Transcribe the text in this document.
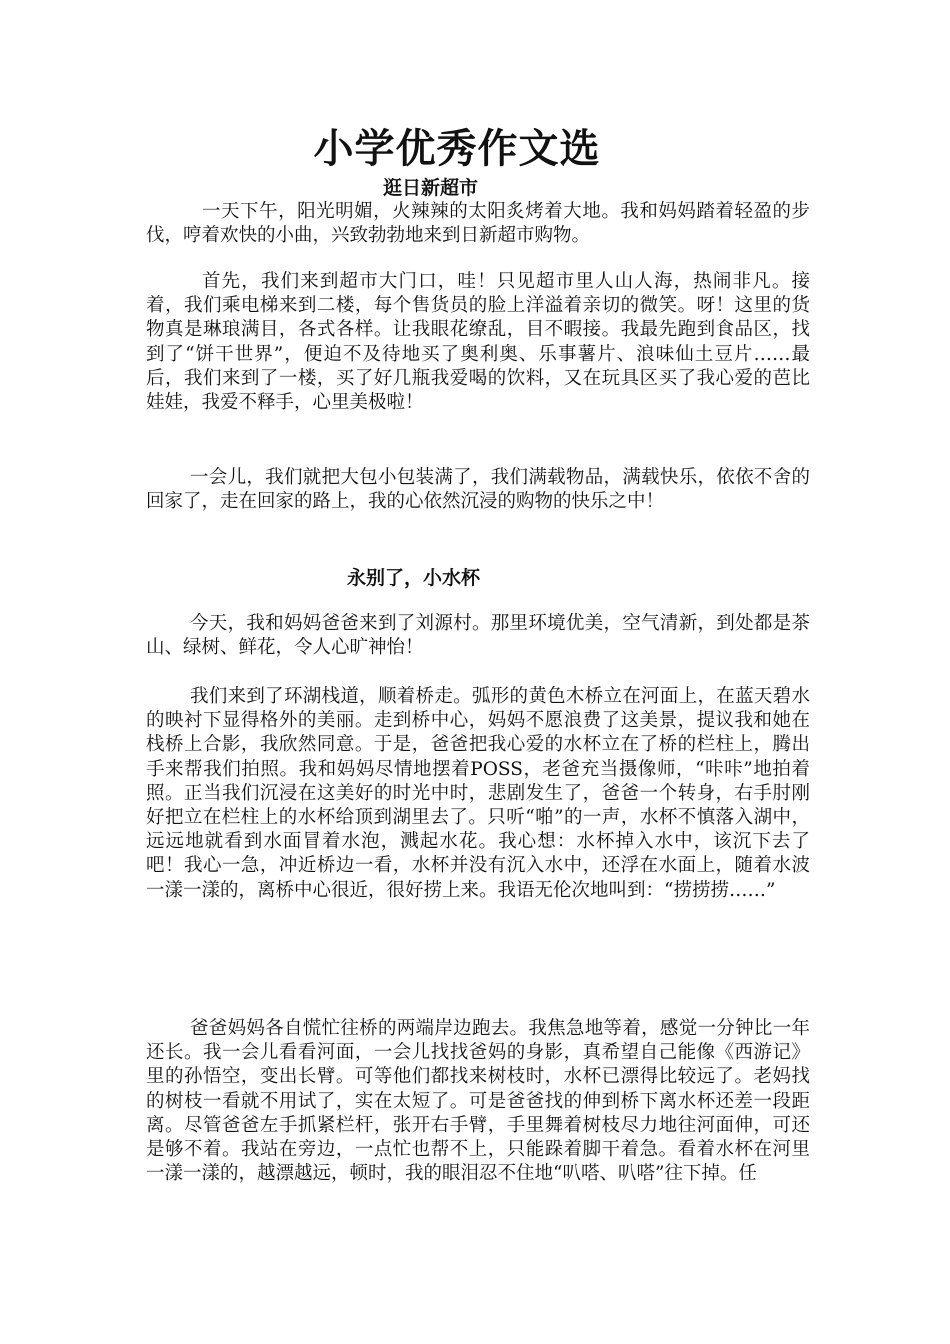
小学优秀作文选
逛日新超市
一天下午，阳光明媚，火辣辣的太阳炙烤着大地。我和妈妈踏着轻盈的步伐，哼着欢快的小曲，兴致勃勃地来到日新超市购物。
首先，我们来到超市大门口，哇！只见超市里人山人海，热闹非凡。接着，我们乘电梯来到二楼，每个售货员的脸上洋溢着亲切的微笑。呀！这里的货物真是琳琅满目，各式各样。让我眼花缭乱，目不暇接。我最先跑到食品区，找到了“饼干世界”，便迫不及待地买了奥利奥、乐事薯片、浪味仙土豆片……最后，我们来到了一楼，买了好几瓶我爱喝的饮料，又在玩具区买了我心爱的芭比娃娃，我爱不释手，心里美极啦！
一会儿，我们就把大包小包装满了，我们满载物品，满载快乐，依依不舍的回家了，走在回家的路上，我的心依然沉浸的购物的快乐之中！
永别了，小水杯
今天，我和妈妈爸爸来到了刘源村。那里环境优美，空气清新，到处都是茶山、绿树、鲜花，令人心旷神怡！
我们来到了环湖栈道，顺着桥走。弧形的黄色木桥立在河面上，在蓝天碧水的映衬下显得格外的美丽。走到桥中心，妈妈不愿浪费了这美景，提议我和她在栈桥上合影，我欣然同意。于是，爸爸把我心爱的水杯立在了桥的栏柱上，腾出手来帮我们拍照。我和妈妈尽情地摆着POSS，老爸充当摄像师，“咔咔”地拍着照。正当我们沉浸在这美好的时光中时，悲剧发生了，爸爸一个转身，右手肘刚好把立在栏柱上的水杯给顶到湖里去了。只听“啪”的一声，水杯不慎落入湖中，远远地就看到水面冒着水泡，溅起水花。我心想：水杯掉入水中，该沉下去了吧！我心一急，冲近桥边一看，水杯并没有沉入水中，还浮在水面上，随着水波一漾一漾的，离桥中心很近，很好捞上来。我语无伦次地叫到：“捞捞捞……”
爸爸妈妈各自慌忙往桥的两端岸边跑去。我焦急地等着，感觉一分钟比一年还长。我一会儿看看河面，一会儿找找爸妈的身影，真希望自己能像《西游记》里的孙悟空，变出长臂。可等他们都找来树枝时，水杯已漂得比较远了。老妈找的树枝一看就不用试了，实在太短了。可是爸爸找的伸到桥下离水杯还差一段距离。尽管爸爸左手抓紧栏杆，张开右手臂，手里舞着树枝尽力地往河面伸，可还是够不着。我站在旁边，一点忙也帮不上，只能跺着脚干着急。看着水杯在河里一漾一漾的，越漂越远，顿时，我的眼泪忍不住地“叭嗒、叭嗒”往下掉。任
